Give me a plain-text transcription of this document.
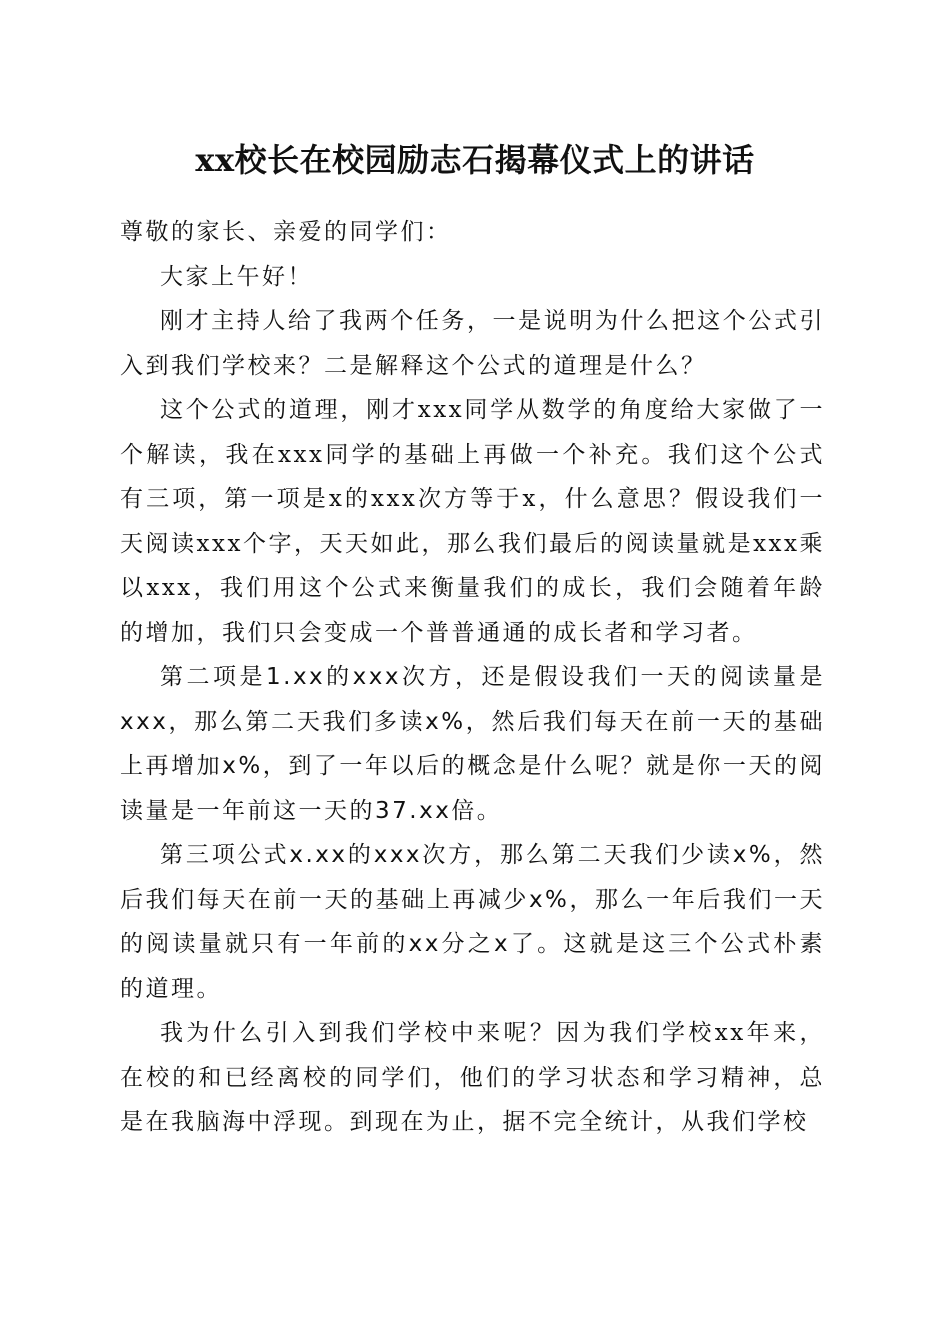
xx校长在校园励志石揭幕仪式上的讲话

尊敬的家长、亲爱的同学们：

大家上午好！

刚才主持人给了我两个任务，一是说明为什么把这个公式引入到我们学校来？二是解释这个公式的道理是什么？

这个公式的道理，刚才xxx同学从数学的角度给大家做了一个解读，我在xxx同学的基础上再做一个补充。我们这个公式有三项，第一项是x的xxx次方等于x，什么意思？假设我们一天阅读xxx个字，天天如此，那么我们最后的阅读量就是xxx乘以xxx，我们用这个公式来衡量我们的成长，我们会随着年龄的增加，我们只会变成一个普普通通的成长者和学习者。

第二项是1.xx的xxx次方，还是假设我们一天的阅读量是xxx，那么第二天我们多读x%，然后我们每天在前一天的基础上再增加x%，到了一年以后的概念是什么呢？就是你一天的阅读量是一年前这一天的37.xx倍。

第三项公式x.xx的xxx次方，那么第二天我们少读x%，然后我们每天在前一天的基础上再减少x%，那么一年后我们一天的阅读量就只有一年前的xx分之x了。这就是这三个公式朴素的道理。

我为什么引入到我们学校中来呢？因为我们学校xx年来，在校的和已经离校的同学们，他们的学习状态和学习精神，总是在我脑海中浮现。到现在为止，据不完全统计，从我们学校
